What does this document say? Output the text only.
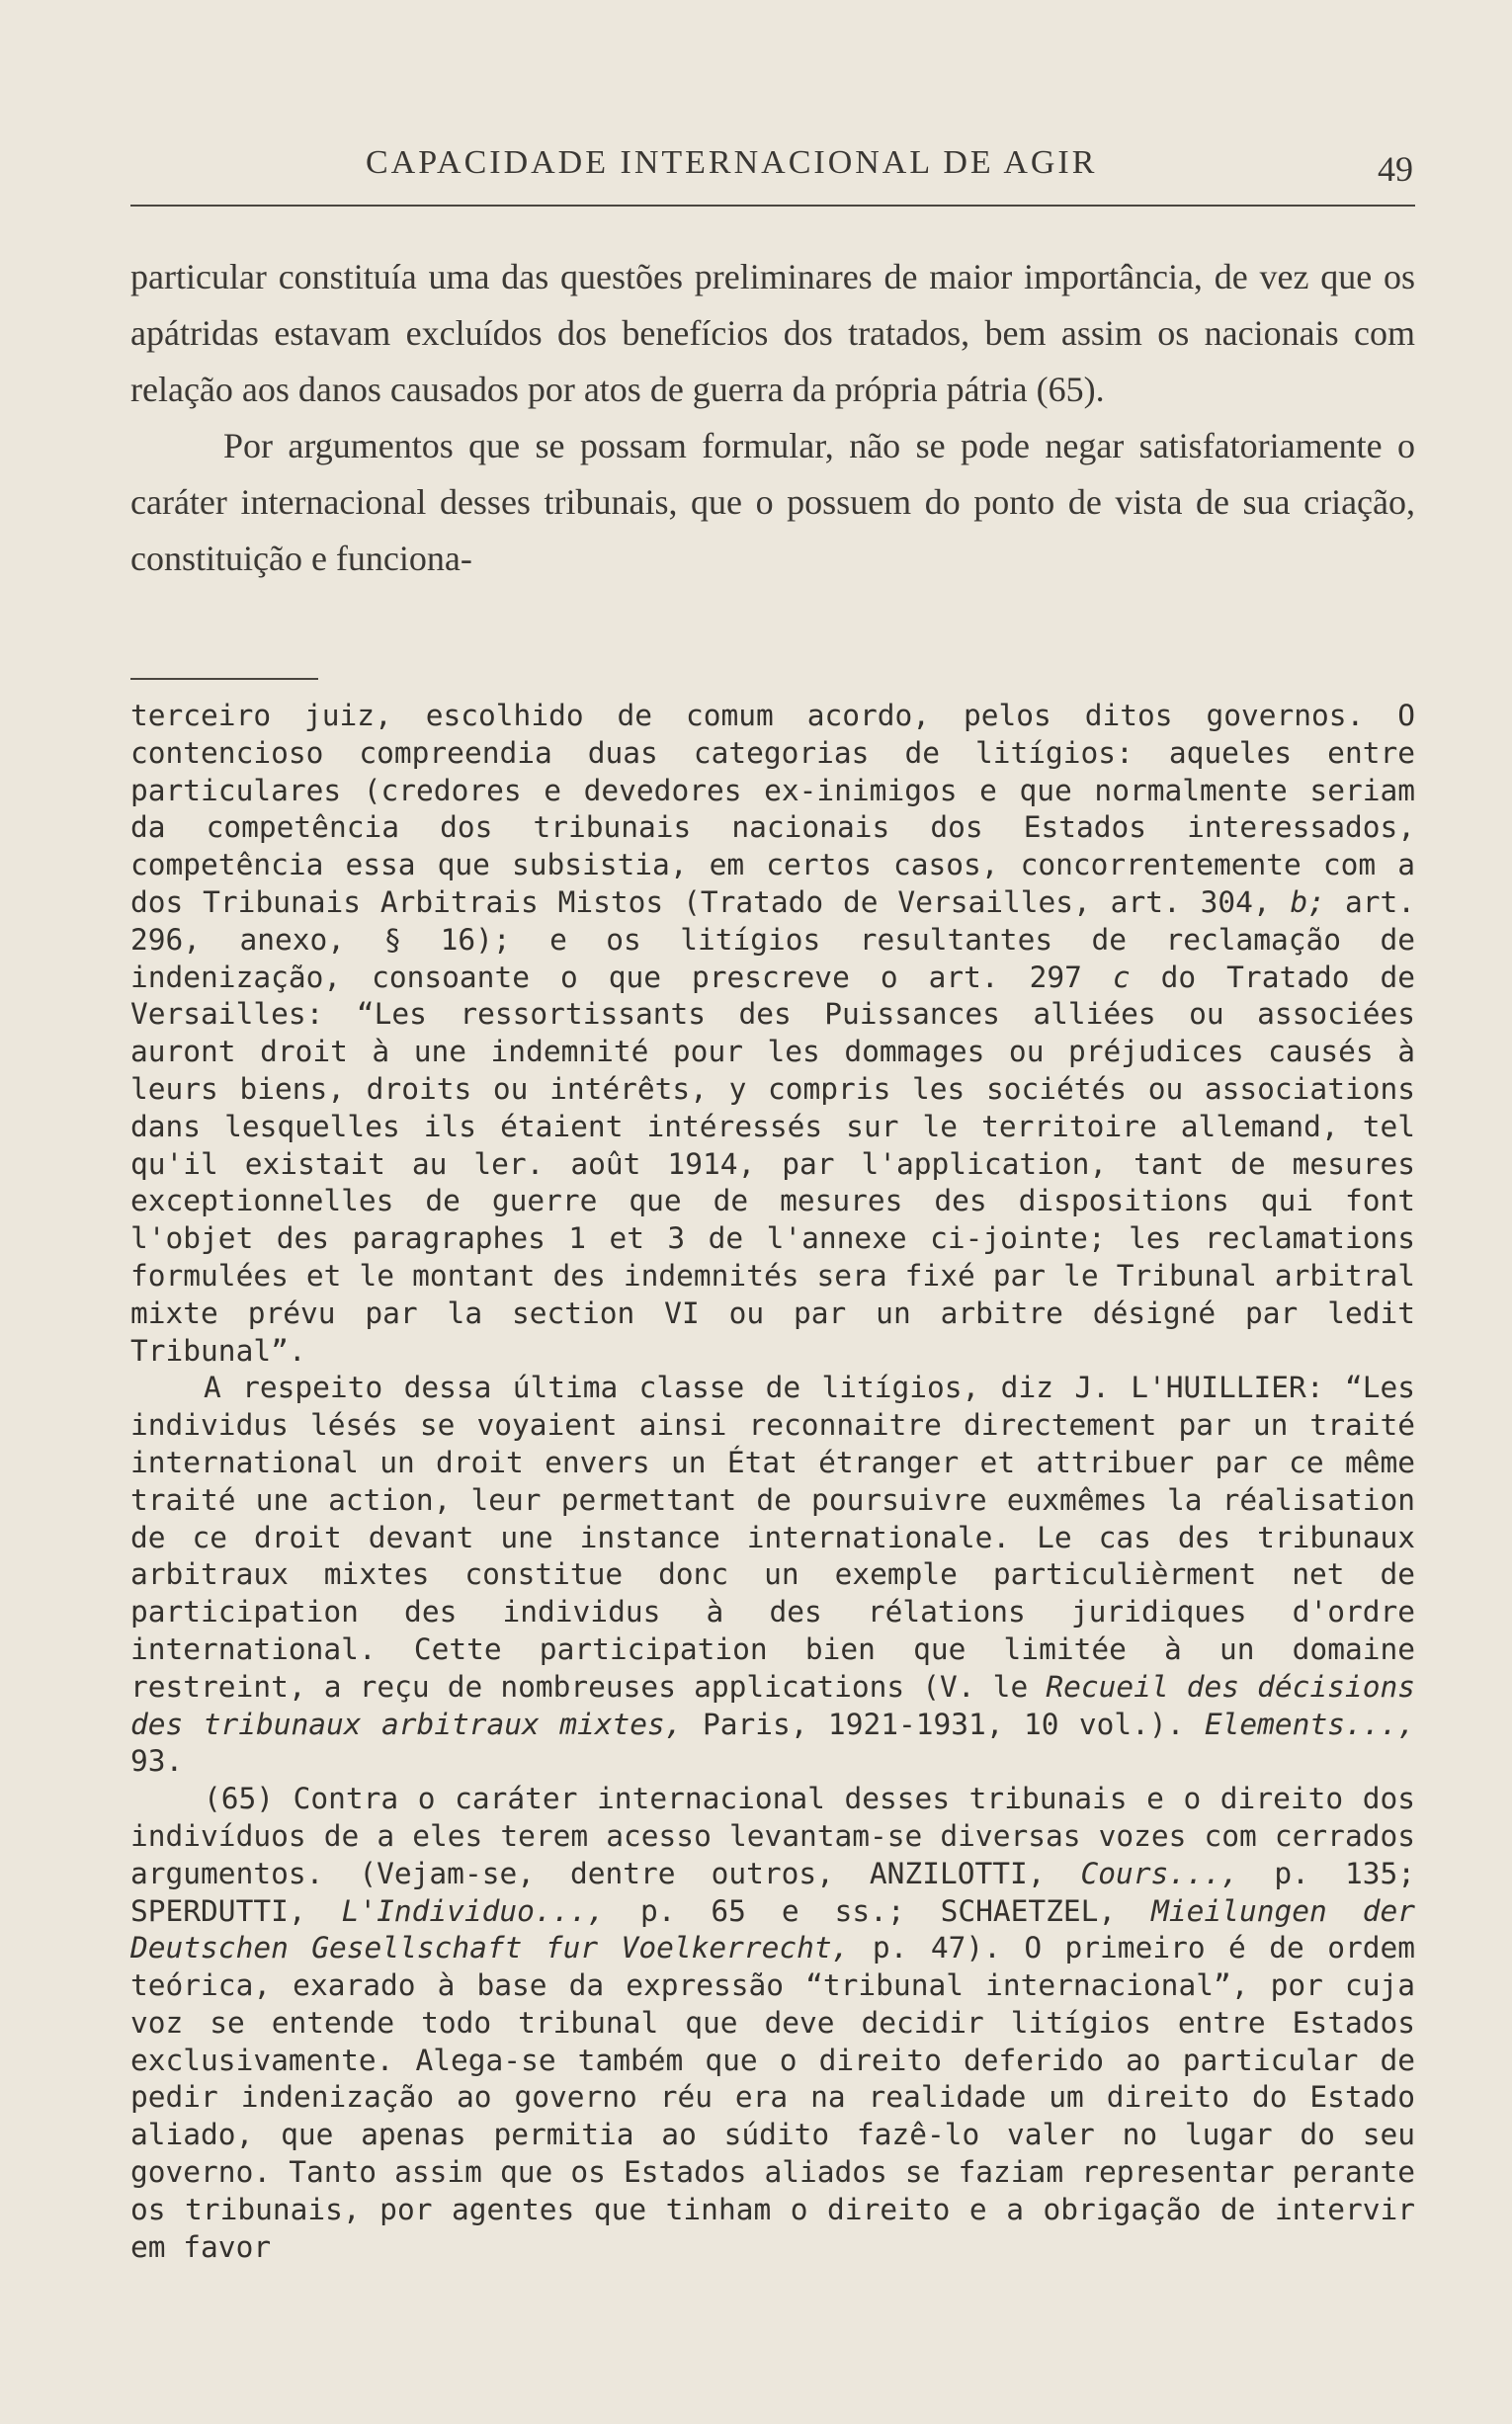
CAPACIDADE INTERNACIONAL DE AGIR	49

particular constituía uma das questões preliminares de maior importância, de vez que os apátridas estavam excluídos dos benefícios dos tratados, bem assim os nacionais com relação aos danos causados por atos de guerra da própria pátria (65).

Por argumentos que se possam formular, não se pode negar satisfatoriamente o caráter internacional desses tribunais, que o possuem do ponto de vista de sua criação, constituição e funciona-

terceiro juiz, escolhido de comum acordo, pelos ditos governos. O contencioso compreendia duas categorias de litígios: aqueles entre particulares (credores e devedores ex-inimigos e que normalmente seriam da competência dos tribunais nacionais dos Estados interessados, competência essa que subsistia, em certos casos, concorrentemente com a dos Tribunais Arbitrais Mistos (Tratado de Versailles, art. 304, b; art. 296, anexo, § 16); e os litígios resultantes de reclamação de indenização, consoante o que prescreve o art. 297 c do Tratado de Versailles: “Les ressortissants des Puissances alliées ou associées auront droit à une indemnité pour les dommages ou préjudices causés à leurs biens, droits ou intérêts, y compris les sociétés ou associations dans lesquelles ils étaient intéressés sur le territoire allemand, tel qu'il existait au ler. août 1914, par l'application, tant de mesures exceptionnelles de guerre que de mesures des dispositions qui font l'objet des paragraphes 1 et 3 de l'annexe ci-jointe; les reclamations formulées et le montant des indemnités sera fixé par le Tribunal arbitral mixte prévu par la section VI ou par un arbitre désigné par ledit Tribunal”.

A respeito dessa última classe de litígios, diz J. L'HUILLIER: “Les individus lésés se voyaient ainsi reconnaitre directement par un traité international un droit envers un État étranger et attribuer par ce même traité une action, leur permettant de poursuivre euxmêmes la réalisation de ce droit devant une instance internationale. Le cas des tribunaux arbitraux mixtes constitue donc un exemple particulièrment net de participation des individus à des rélations juridiques d'ordre international. Cette participation bien que limitée à un domaine restreint, a reçu de nombreuses applications (V. le Recueil des décisions des tribunaux arbitraux mixtes, Paris, 1921-1931, 10 vol.). Elements..., 93.

(65) Contra o caráter internacional desses tribunais e o direito dos indivíduos de a eles terem acesso levantam-se diversas vozes com cerrados argumentos. (Vejam-se, dentre outros, ANZILOTTI, Cours..., p. 135; SPERDUTTI, L'Individuo..., p. 65 e ss.; SCHAETZEL, Mieilungen der Deutschen Gesellschaft fur Voelkerrecht, p. 47). O primeiro é de ordem teórica, exarado à base da expressão “tribunal internacional”, por cuja voz se entende todo tribunal que deve decidir litígios entre Estados exclusivamente. Alega-se também que o direito deferido ao particular de pedir indenização ao governo réu era na realidade um direito do Estado aliado, que apenas permitia ao súdito fazê-lo valer no lugar do seu governo. Tanto assim que os Estados aliados se faziam representar perante os tribunais, por agentes que tinham o direito e a obrigação de intervir em favor
